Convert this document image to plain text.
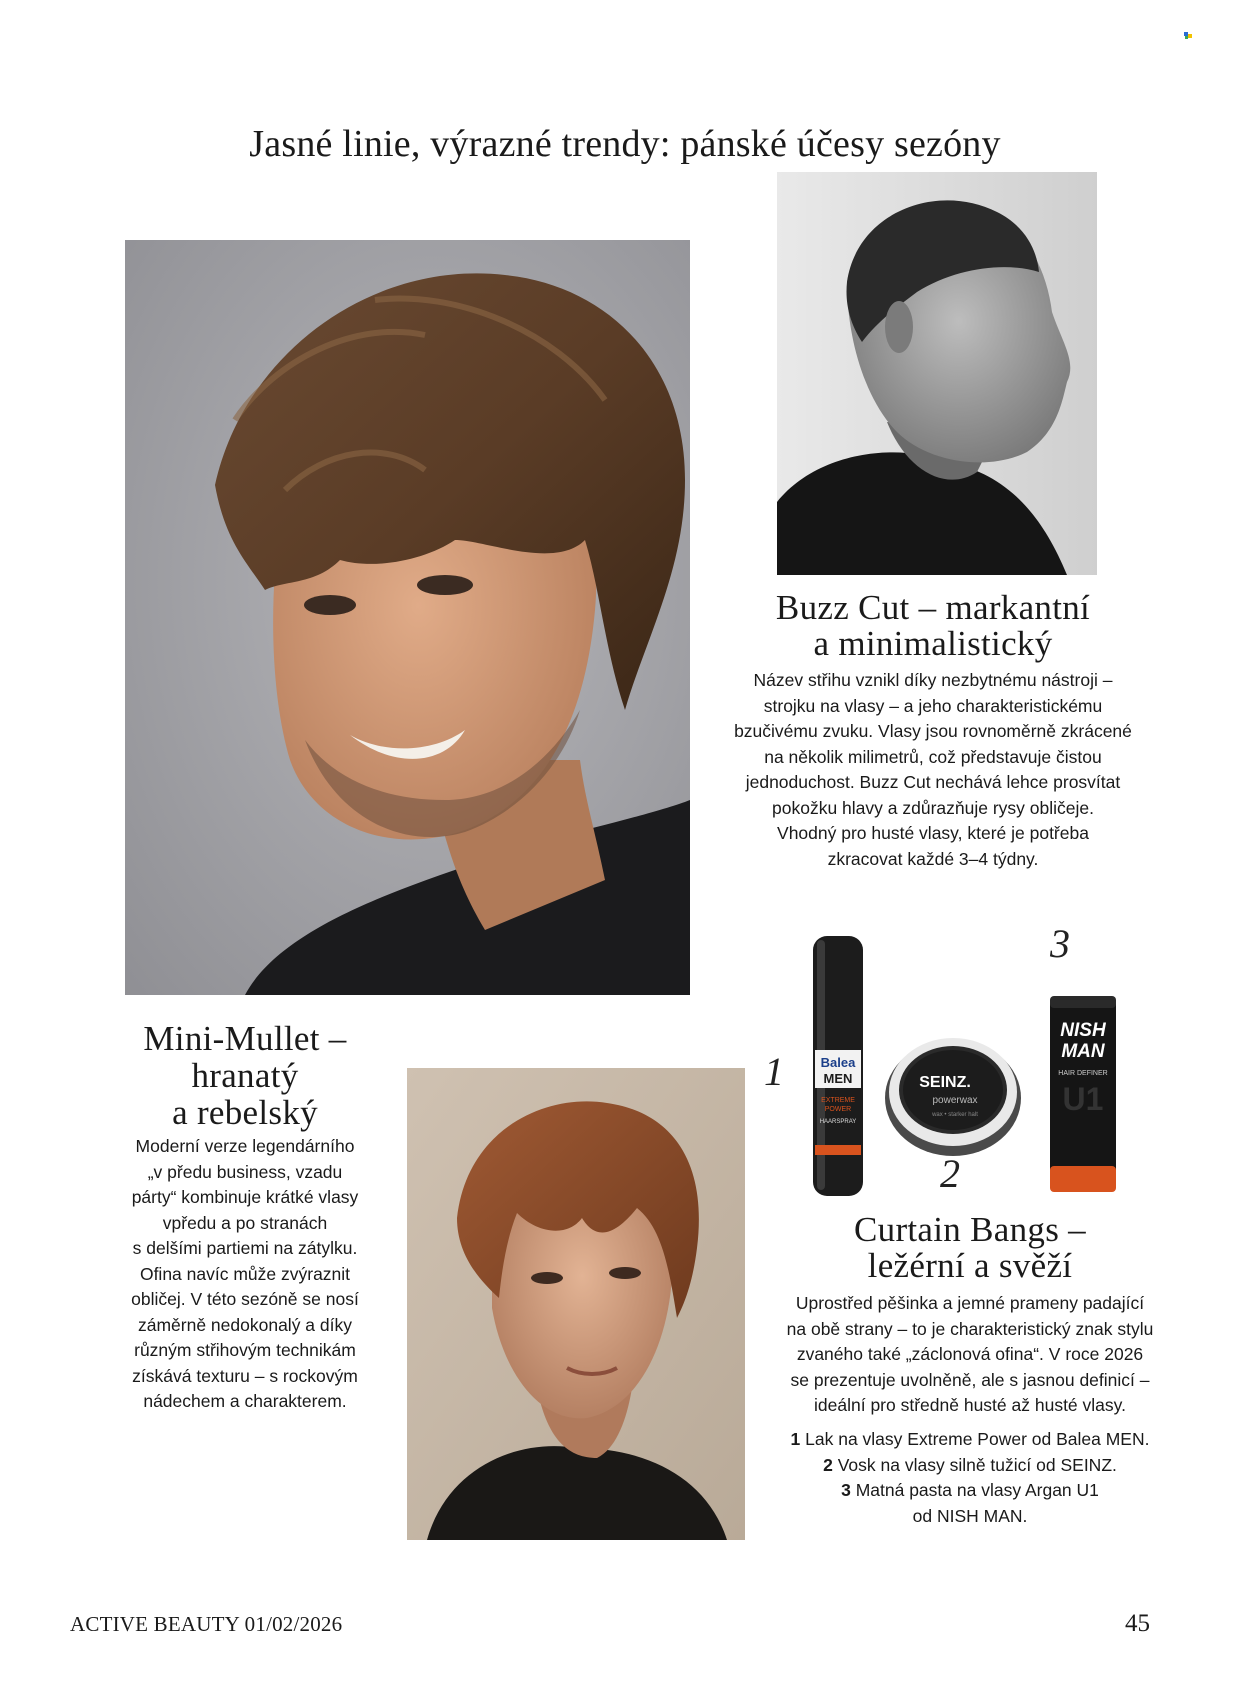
Jasné linie, výrazné trendy: pánské účesy sezóny
Buzz Cut – markantní
a minimalistický

Název střihu vznikl díky nezbytnému nástroji –

strojku na vlasy – a jeho charakteristickému

bzučivému zvuku. Vlasy jsou rovnoměrně zkrácené

na několik milimetrů, což představuje čistou

jednoduchost. Buzz Cut nechává lehce prosvítat

pokožku hlavy a zdůrazňuje rysy obličeje.

Vhodný pro husté vlasy, které je potřeba

zkracovat každé 3–4 týdny.

Mini-Mullet –
hranatý
a rebelský

Moderní verze legendárního

„v předu business, vzadu

párty“ kombinuje krátké vlasy

vpředu a po stranách

s delšími partiemi na zátylku.

Ofina navíc může zvýraznit

obličej. V této sezóně se nosí

záměrně nedokonalý a díky

různým střihovým technikám

získává texturu – s rockovým

nádechem a charakterem.

Balea
MEN
EXTREME
POWER
HAARSPRAY
SEINZ.
powerwax
wax • starker halt
NISH
MAN
HAIR DEFINER
U1
1
2
3
Curtain Bangs –
ležérní a svěží

Uprostřed pěšinka a jemné prameny padající

na obě strany – to je charakteristický znak stylu

zvaného také „záclonová ofina“. V roce 2026

se prezentuje uvolněně, ale s jasnou definicí –

ideální pro středně husté až husté vlasy.

1 Lak na vlasy Extreme Power od Balea MEN.

2 Vosk na vlasy silně tužicí od SEINZ.

3 Matná pasta na vlasy Argan U1

od NISH MAN.

ACTIVE BEAUTY 01/02/2026	45
